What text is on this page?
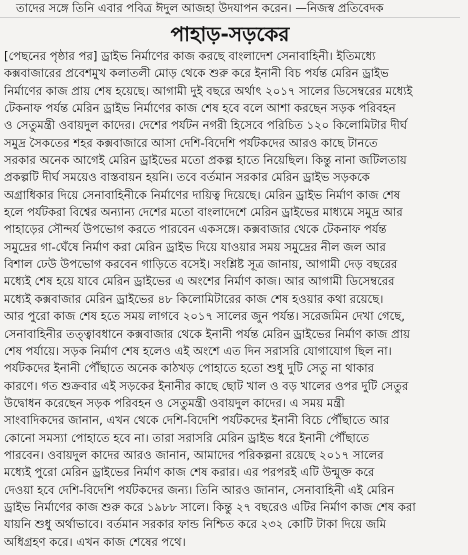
তাদের সঙ্গে তিনি এবার পবিত্র ঈদুল আজহা উদযাপন করেন। —নিজস্ব প্রতিবেদক
পাহাড়-সড়কের
[পেছনের পৃষ্ঠার পর] ড্রাইভ নির্মাণের কাজ করছে বাংলাদেশ সেনাবাহিনী। ইতিমধ্যে
কক্সবাজারের প্রবেশমুখ কলাতলী মোড় থেকে শুরু করে ইনানী বিচ পর্যন্ত মেরিন ড্রাইভ
নির্মাণের কাজ প্রায় শেষ হয়েছে। আগামী দুই বছরে অর্থাৎ ২০১৭ সালের ডিসেম্বরের মধ্যেই
টেকনাফ পর্যন্ত মেরিন ড্রাইভ নির্মাণের কাজ শেষ হবে বলে আশা করছেন সড়ক পরিবহন
ও সেতুমন্ত্রী ওবায়দুল কাদের। দেশের পর্যটন নগরী হিসেবে পরিচিত ১২০ কিলোমিটার দীর্ঘ
সমুদ্র সৈকতের শহর কক্সবাজারে আসা দেশি-বিদেশি পর্যটকদের আরও কাছে টানতে
সরকার অনেক আগেই মেরিন ড্রাইভের মতো প্রকল্প হাতে নিয়েছিল। কিন্তু নানা জটিলতায়
প্রকল্পটি দীর্ঘ সময়েও বাস্তবায়ন হয়নি। তবে বর্তমান সরকার মেরিন ড্রাইভ সড়ককে
অগ্রাধিকার দিয়ে সেনাবাহিনীকে নির্মাণের দায়িত্ব দিয়েছে। মেরিন ড্রাইভ নির্মাণ কাজ শেষ
হলে পর্যটকরা বিশ্বের অন্যান্য দেশের মতো বাংলাদেশে মেরিন ড্রাইভের মাধ্যমে সমুদ্র আর
পাহাড়ের সৌন্দর্য উপভোগ করতে পারবেন একসঙ্গে। কক্সবাজার থেকে টেকনাফ পর্যন্ত
সমুদ্রের গা-ঘেঁষে নির্মাণ করা মেরিন ড্রাইভ দিয়ে যাওয়ার সময় সমুদ্রের নীল জল আর
বিশাল ঢেউ উপভোগ করবেন গাড়িতে বসেই। সংশ্লিষ্ট সূত্র জানায়, আগামী দেড় বছরের
মধ্যেই শেষ হয়ে যাবে মেরিন ড্রাইভের এ অংশের নির্মাণ কাজ। আর আগামী ডিসেম্বরের
মধ্যেই কক্সবাজার মেরিন ড্রাইভের ৪৮ কিলোমিটারের কাজ শেষ হওয়ার কথা রয়েছে।
আর পুরো কাজ শেষ হতে সময় লাগবে ২০১৭ সালের জুন পর্যন্ত। সরেজমিন দেখা গেছে,
সেনাবাহিনীর তত্ত্বাবধানে কক্সবাজার থেকে ইনানী পর্যন্ত মেরিন ড্রাইভের নির্মাণ কাজ প্রায়
শেষ পর্যায়ে। সড়ক নির্মাণ শেষ হলেও এই অংশে এত দিন সরাসরি যোগাযোগ ছিল না।
পর্যটকদের ইনানী পৌঁছাতে অনেক কাঠখড় পোহাতে হতো শুধু দুটি সেতু না থাকার
কারণে। গত শুক্রবার এই সড়কের ইনানীর কাছে ছোট খাল ও বড় খালের ওপর দুটি সেতুর
উদ্বোধন করেছেন সড়ক পরিবহন ও সেতুমন্ত্রী ওবায়দুল কাদের। এ সময় মন্ত্রী
সাংবাদিকদের জানান, এখন থেকে দেশি-বিদেশি পর্যটকদের ইনানী বিচে পৌঁছাতে আর
কোনো সমস্যা পোহাতে হবে না। তারা সরাসরি মেরিন ড্রাইভ ধরে ইনানী পৌঁছাতে
পারবেন। ওবায়দুল কাদের আরও জানান, আমাদের পরিকল্পনা রয়েছে ২০১৭ সালের
মধ্যেই পুরো মেরিন ড্রাইভের নির্মাণ কাজ শেষ করার। এর পরপরই এটি উন্মুক্ত করে
দেওয়া হবে দেশি-বিদেশি পর্যটকদের জন্য। তিনি আরও জানান, সেনাবাহিনী এই মেরিন
ড্রাইভ নির্মাণের কাজ শুরু করে ১৯৮৮ সালে। কিন্তু ২৭ বছরেও এটির নির্মাণ কাজ শেষ করা
যায়নি শুধু অর্থাভাবে। বর্তমান সরকার ফান্ড নিশ্চিত করে ২৩২ কোটি টাকা দিয়ে জমি
অধিগ্রহণ করে। এখন কাজ শেষের পথে।
